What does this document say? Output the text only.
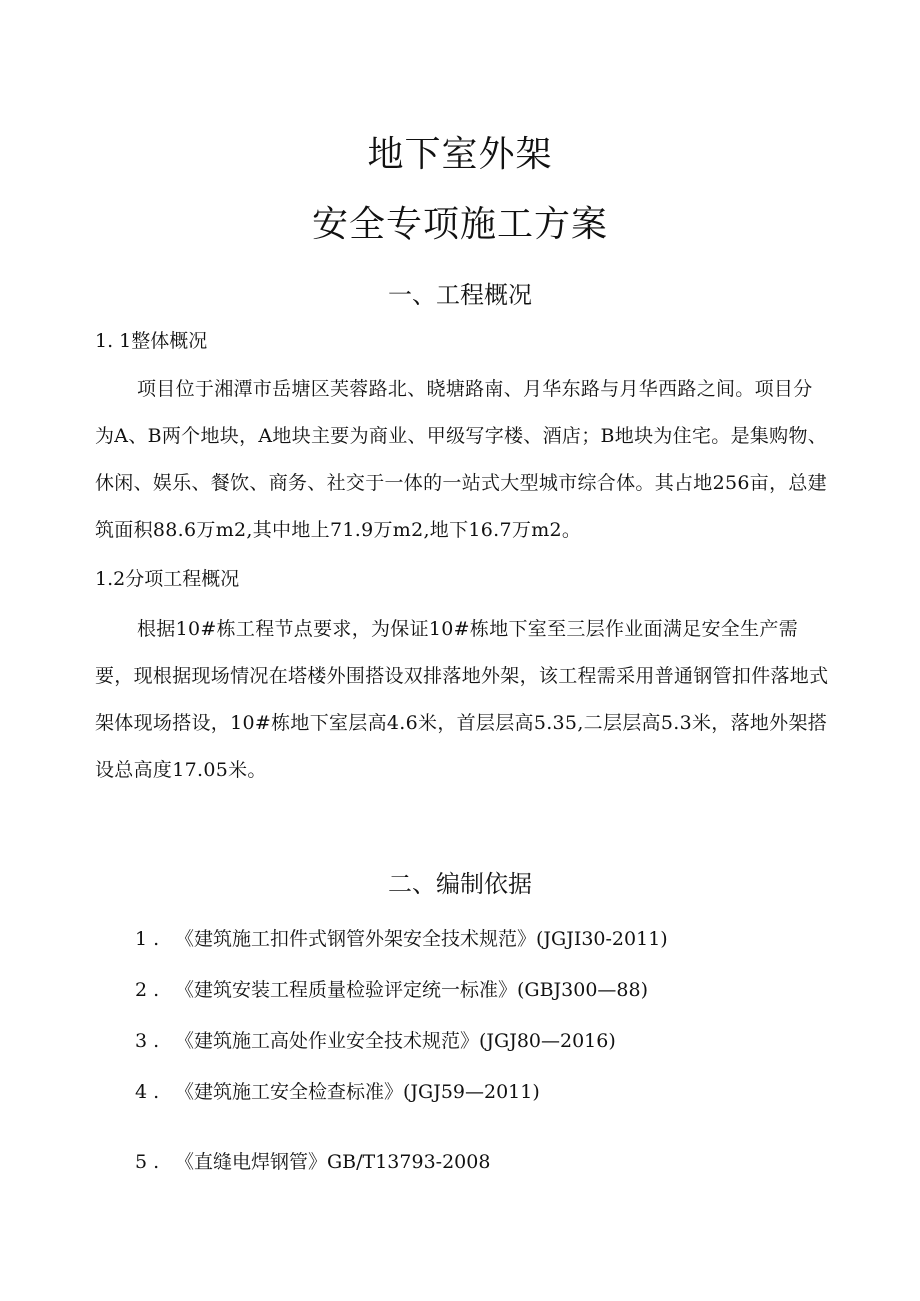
地下室外架
安全专项施工方案
一、工程概况
1. 1整体概况
项目位于湘潭市岳塘区芙蓉路北、晓塘路南、月华东路与月华西路之间。项目分为A、B两个地块，A地块主要为商业、甲级写字楼、酒店；B地块为住宅。是集购物、休闲、娱乐、餐饮、商务、社交于一体的一站式大型城市综合体。其占地256亩，总建筑面积88.6万m2,其中地上71.9万m2,地下16.7万m2。
1.2分项工程概况
根据10#栋工程节点要求，为保证10#栋地下室至三层作业面满足安全生产需要，现根据现场情况在塔楼外围搭设双排落地外架，该工程需采用普通钢管扣件落地式架体现场搭设，10#栋地下室层高4.6米，首层层高5.35,二层层高5.3米，落地外架搭设总高度17.05米。
二、编制依据
1 . 《建筑施工扣件式钢管外架安全技术规范》(JGJI30-2011)
2 . 《建筑安装工程质量检验评定统一标准》(GBJ300—88)
3 . 《建筑施工高处作业安全技术规范》(JGJ80—2016)
4 . 《建筑施工安全检查标准》(JGJ59—2011)
5 . 《直缝电焊钢管》GB/T13793-2008
